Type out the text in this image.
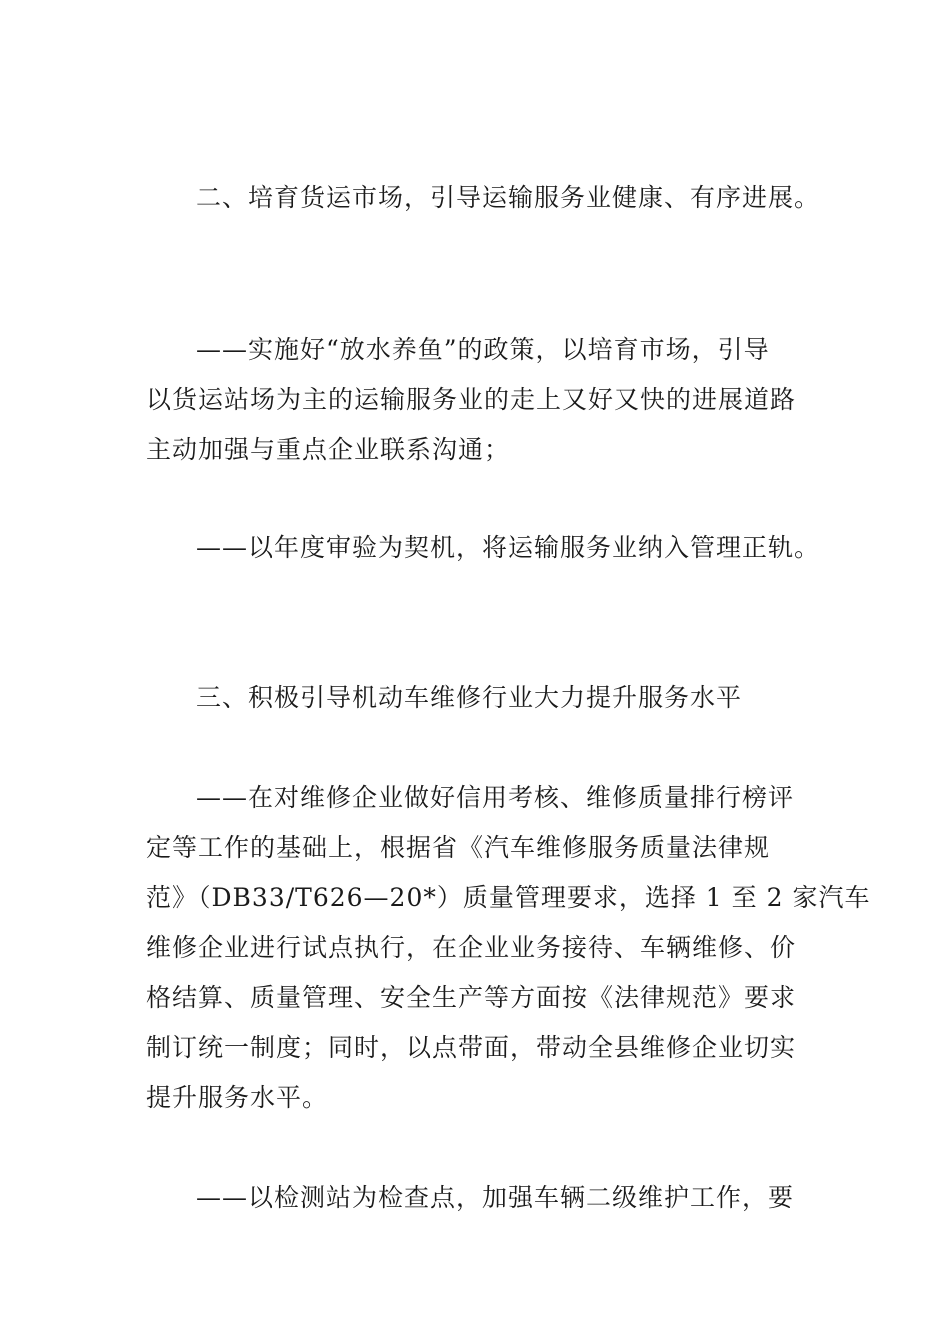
二、培育货运市场，引导运输服务业健康、有序进展。
——实施好“放水养鱼”的政策，以培育市场，引导
以货运站场为主的运输服务业的走上又好又快的进展道路
主动加强与重点企业联系沟通；
——以年度审验为契机，将运输服务业纳入管理正轨。
三、积极引导机动车维修行业大力提升服务水平
——在对维修企业做好信用考核、维修质量排行榜评
定等工作的基础上，根据省《汽车维修服务质量法律规
范》（DB33/T626—20*）质量管理要求，选择 1 至 2 家汽车
维修企业进行试点执行，在企业业务接待、车辆维修、价
格结算、质量管理、安全生产等方面按《法律规范》要求
制订统一制度；同时，以点带面，带动全县维修企业切实
提升服务水平。
——以检测站为检查点，加强车辆二级维护工作，要
